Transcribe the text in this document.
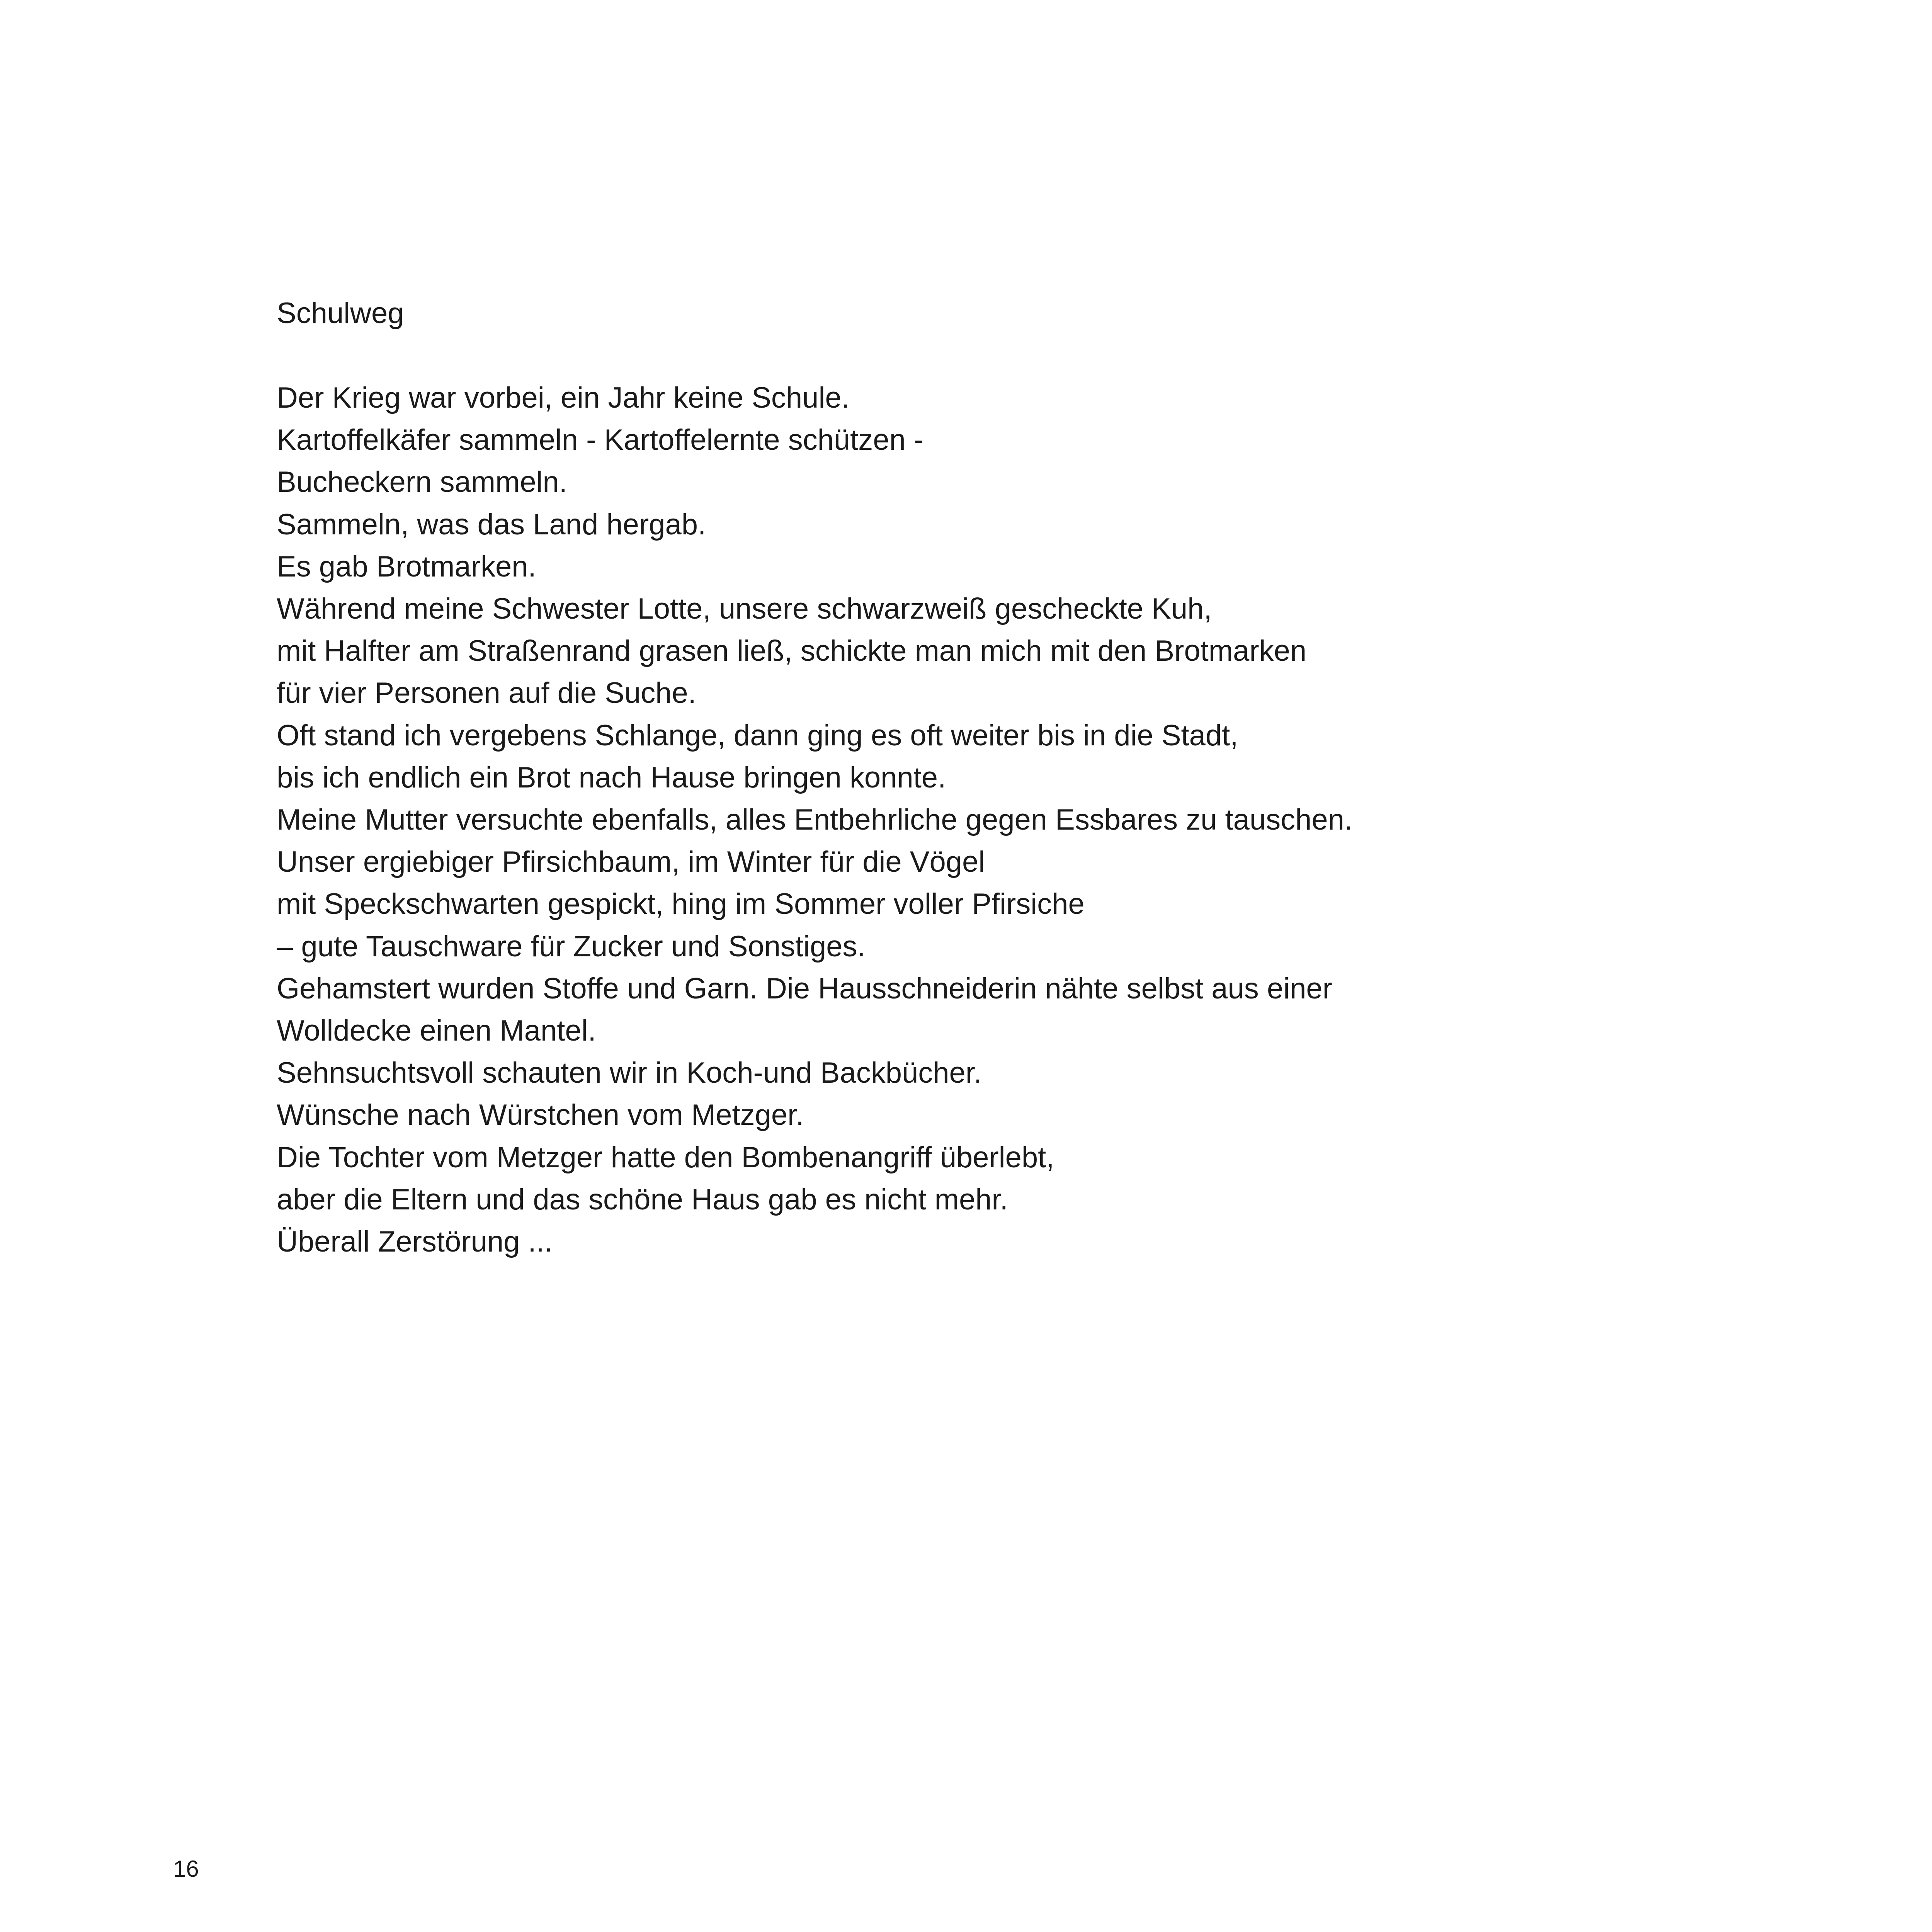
Schulweg
Der Krieg war vorbei, ein Jahr keine Schule.
Kartoffelkäfer sammeln - Kartoffelernte schützen -
Bucheckern sammeln.
Sammeln, was das Land hergab.
Es gab Brotmarken.
Während meine Schwester Lotte, unsere schwarzweiß gescheckte Kuh,
mit Halfter am Straßenrand grasen ließ, schickte man mich mit den Brotmarken
für vier Personen auf die Suche.
Oft stand ich vergebens Schlange, dann ging es oft weiter bis in die Stadt,
bis ich endlich ein Brot nach Hause bringen konnte.
Meine Mutter versuchte ebenfalls, alles Entbehrliche gegen Essbares zu tauschen.
Unser ergiebiger Pfirsichbaum, im Winter für die Vögel
mit Speckschwarten gespickt, hing im Sommer voller Pfirsiche
– gute Tauschware für Zucker und Sonstiges.
Gehamstert wurden Stoffe und Garn. Die Hausschneiderin nähte selbst aus einer
Wolldecke einen Mantel.
Sehnsuchtsvoll schauten wir in Koch-und Backbücher.
Wünsche nach Würstchen vom Metzger.
Die Tochter vom Metzger hatte den Bombenangriff überlebt,
aber die Eltern und das schöne Haus gab es nicht mehr.
Überall Zerstörung ...
16
